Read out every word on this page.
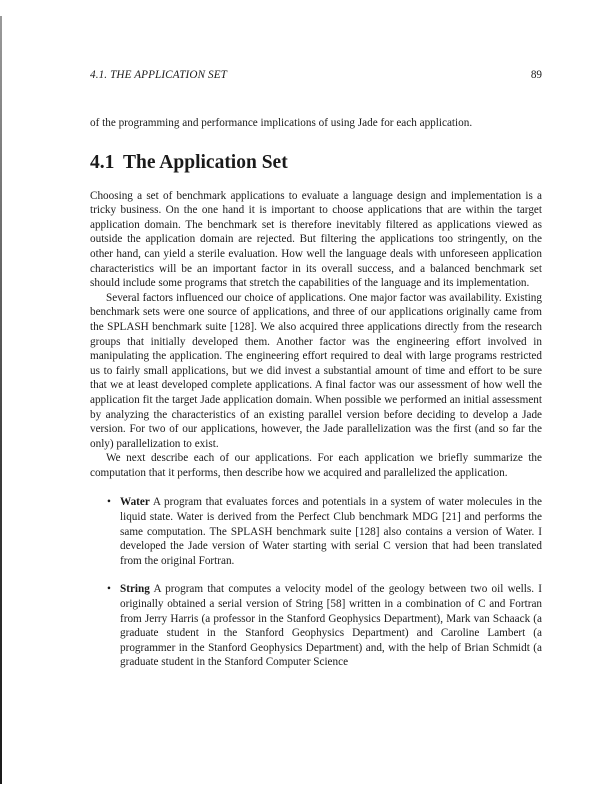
4.1. THE APPLICATION SET	89

of the programming and performance implications of using Jade for each application.

4.1 The Application Set

Choosing a set of benchmark applications to evaluate a language design and implementation is a tricky business. On the one hand it is important to choose applications that are within the target application domain. The benchmark set is therefore inevitably filtered as applications viewed as outside the application domain are rejected. But filtering the applications too stringently, on the other hand, can yield a sterile evaluation. How well the language deals with unforeseen application characteristics will be an important factor in its overall success, and a balanced benchmark set should include some programs that stretch the capabilities of the language and its implementation.

Several factors influenced our choice of applications. One major factor was availability. Existing benchmark sets were one source of applications, and three of our applications originally came from the SPLASH benchmark suite [128]. We also acquired three applications directly from the research groups that initially developed them. Another factor was the engineering effort involved in manipulating the application. The engineering effort required to deal with large programs restricted us to fairly small applications, but we did invest a substantial amount of time and effort to be sure that we at least developed complete applications. A final factor was our assessment of how well the application fit the target Jade application domain. When possible we performed an initial assessment by analyzing the characteristics of an existing parallel version before deciding to develop a Jade version. For two of our applications, however, the Jade parallelization was the first (and so far the only) parallelization to exist.

We next describe each of our applications. For each application we briefly summarize the computation that it performs, then describe how we acquired and parallelized the application.

• Water A program that evaluates forces and potentials in a system of water molecules in the liquid state. Water is derived from the Perfect Club benchmark MDG [21] and performs the same computation. The SPLASH benchmark suite [128] also contains a version of Water. I developed the Jade version of Water starting with serial C version that had been translated from the original Fortran.
• String A program that computes a velocity model of the geology between two oil wells. I originally obtained a serial version of String [58] written in a combination of C and Fortran from Jerry Harris (a professor in the Stanford Geophysics Department), Mark van Schaack (a graduate student in the Stanford Geophysics Department) and Caroline Lambert (a programmer in the Stanford Geophysics Department) and, with the help of Brian Schmidt (a graduate student in the Stanford Computer Science
